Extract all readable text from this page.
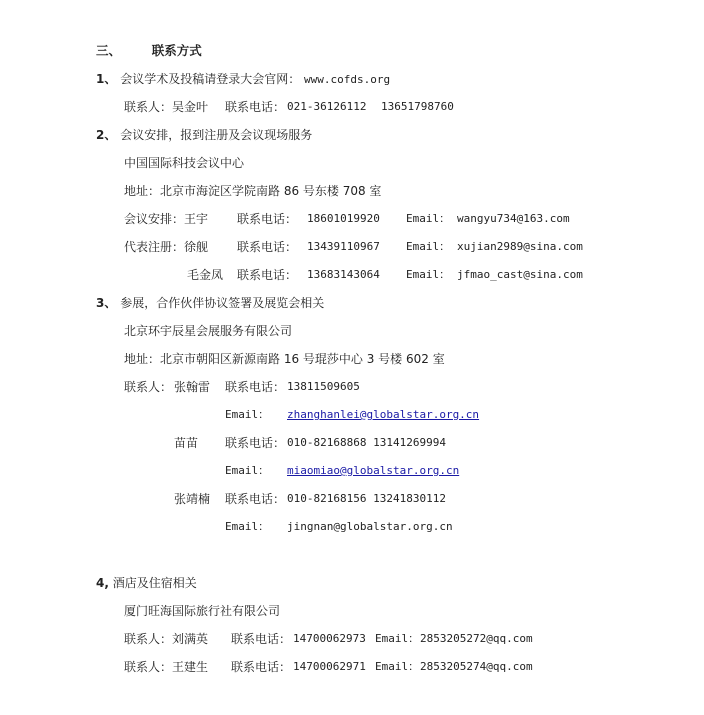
三、 联系方式
1、 会议学术及投稿请登录大会官网： www.cofds.org
联系人：吴金叶 联系电话： 021-36126112 13651798760
2、 会议安排，报到注册及会议现场服务
中国国际科技会议中心
地址：北京市海淀区学院南路 86 号东楼 708 室
会议安排：王宇 联系电话： 18601019920 Email： wangyu734@163.com
代表注册：徐舰 联系电话： 13439110967 Email： xujian2989@sina.com
毛金凤 联系电话： 13683143064 Email： jfmao_cast@sina.com
3、 参展，合作伙伴协议签署及展览会相关
北京环宇辰星会展服务有限公司
地址：北京市朝阳区新源南路 16 号琨莎中心 3 号楼 602 室
联系人： 张翰雷 联系电话： 13811509605
Email： zhanghanlei@globalstar.org.cn
苗苗 联系电话： 010-82168868 13141269994
Email： miaomiao@globalstar.org.cn
张靖楠 联系电话： 010-82168156 13241830112
Email： jingnan@globalstar.org.cn
4, 酒店及住宿相关
厦门旺海国际旅行社有限公司
联系人：刘满英 联系电话： 14700062973 Email： 2853205272@qq.com
联系人：王建生 联系电话： 14700062971 Email： 2853205274@qq.com
